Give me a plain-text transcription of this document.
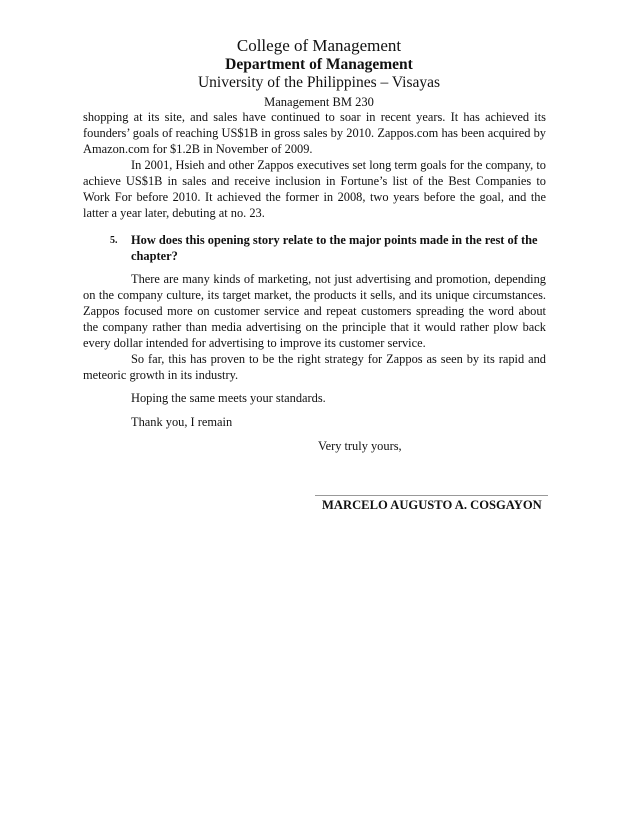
College of Management
Department of Management
University of the Philippines – Visayas
Management BM 230

shopping at its site, and sales have continued to soar in recent years. It has achieved its founders’ goals of reaching US$1B in gross sales by 2010. Zappos.com has been acquired by Amazon.com for $1.2B in November of 2009.

In 2001, Hsieh and other Zappos executives set long term goals for the company, to achieve US$1B in sales and receive inclusion in Fortune’s list of the Best Companies to Work For before 2010. It achieved the former in 2008, two years before the goal, and the latter a year later, debuting at no. 23.

5. How does this opening story relate to the major points made in the rest of the chapter?

There are many kinds of marketing, not just advertising and promotion, depending on the company culture, its target market, the products it sells, and its unique circumstances. Zappos focused more on customer service and repeat customers spreading the word about the company rather than media advertising on the principle that it would rather plow back every dollar intended for advertising to improve its customer service.

So far, this has proven to be the right strategy for Zappos as seen by its rapid and meteoric growth in its industry.

Hoping the same meets your standards.
Thank you, I remain
Very truly yours,
MARCELO AUGUSTO A. COSGAYON
